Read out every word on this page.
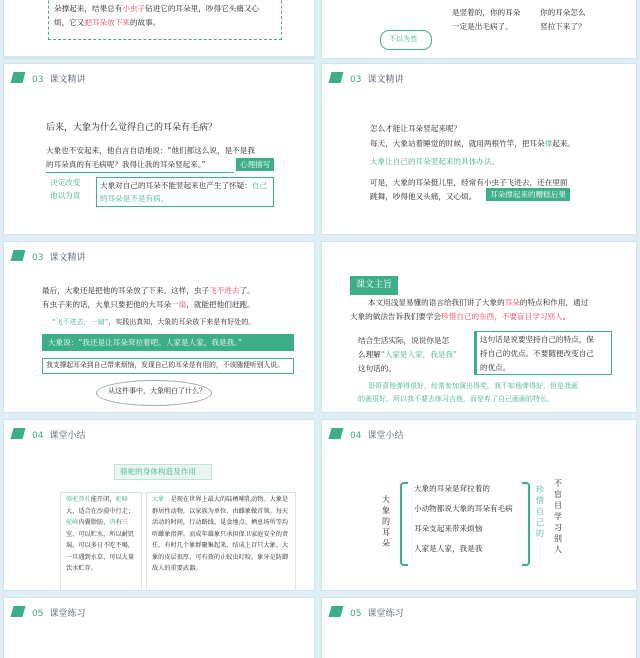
朵撑起来，结果总有小虫子钻进它的耳朵里，吵得它头痛又心
烦，它又把耳朵放下来的故事。
不以为然
是竖着的，你的耳朵
一定是出毛病了。
你的耳朵怎么
竖拉下来了？
03 课文精讲
后来，大象为什么觉得自己的耳朵有毛病？
大象也不安起来，他自言自语地说：“他们都这么说，是不是我
的耳朵真的有毛病呢？我得让我的耳朵竖起来。”	心理描写
决定改变
他以为真
大象对自己的耳朵不能竖起来也产生了怀疑：自己的耳朵是不是有病。
03 课文精讲
怎么才能让耳朵竖起来呢？
每天，大象站着睡觉的时候，就用两根竹竿，把耳朵撑起来。
大象让自己的耳朵竖起来的具体办法。
可是，大象的耳朵挺儿里，经常有小虫子飞进去，还在里面
跳舞，吵得他又头痛，又心烦。	耳朵撑起来的糟糕后果
03 课文精讲
最后，大象还是把他的耳朵放了下来。这样，虫子飞不进去了。
有虫子来的话，大象只要把他的大耳朵一扇，就能把他们赶跑。
“飞不进去，一扇”，实践出真知，大象的耳朵放下来是有好处的。
大象说：“我还是让耳朵耷拉着吧。人家是人家，我是我。”
我支撑起耳朵到自己带来烦恼，发现自己的耳朵是有用的，不该随便听别人说。
从这件事中，大象明白了什么？
课文主旨
本文用浅显易懂的语言给我们讲了大象的耳朵的特点和作用，通过
大象的做法告诉我们要学会珍惜自己的东西，不要盲目学习别人。
结合生活实际，说说你是怎
么理解“人家是人家，我是我”
这句话的。
这句话是说要坚持自己的特点，保
持自己的优点。不要随便改变自己
的优点。
哥哥喜他弹得很好，经常参加演出得奖。我不如他弹得好，但是我画
的画很好。所以我不要去练习吉他，而是弃了自己画画的特长。
04 课堂小结
骆驼的身体构造及作用
骆驼鼻孔能开闭，驼峰大，适合在沙漠中行走；驼峰内囊脂肪，肉有三室，可以贮水，所以耐饥渴。可以多日不吃不喝，一旦遇到水草，可以大量饮水贮存。
大象：是现在世界上最大的陆栖哺乳动物。大象是群居性动物，以家族为单位，由雌象做首领。每天活动的时间，行动路线、觅食地点、栖息场所等均听雌象指挥。而成年雄象只承担保卫家庭安全的责任。有时几个象群聚集起来，结成上百只大象。大象的皮层很厚，可有效的止蚊虫叮咬。象牙是防御敌人的重要武器。
04 课堂小结
大象的耳朵
大象的耳朵是耷拉着的
小动物都说大象的耳朵有毛病
耳朵支起来带来烦恼
人家是人家，我是我
珍惜自己的
不盲目学习别人
05 课堂练习	05 课堂练习
